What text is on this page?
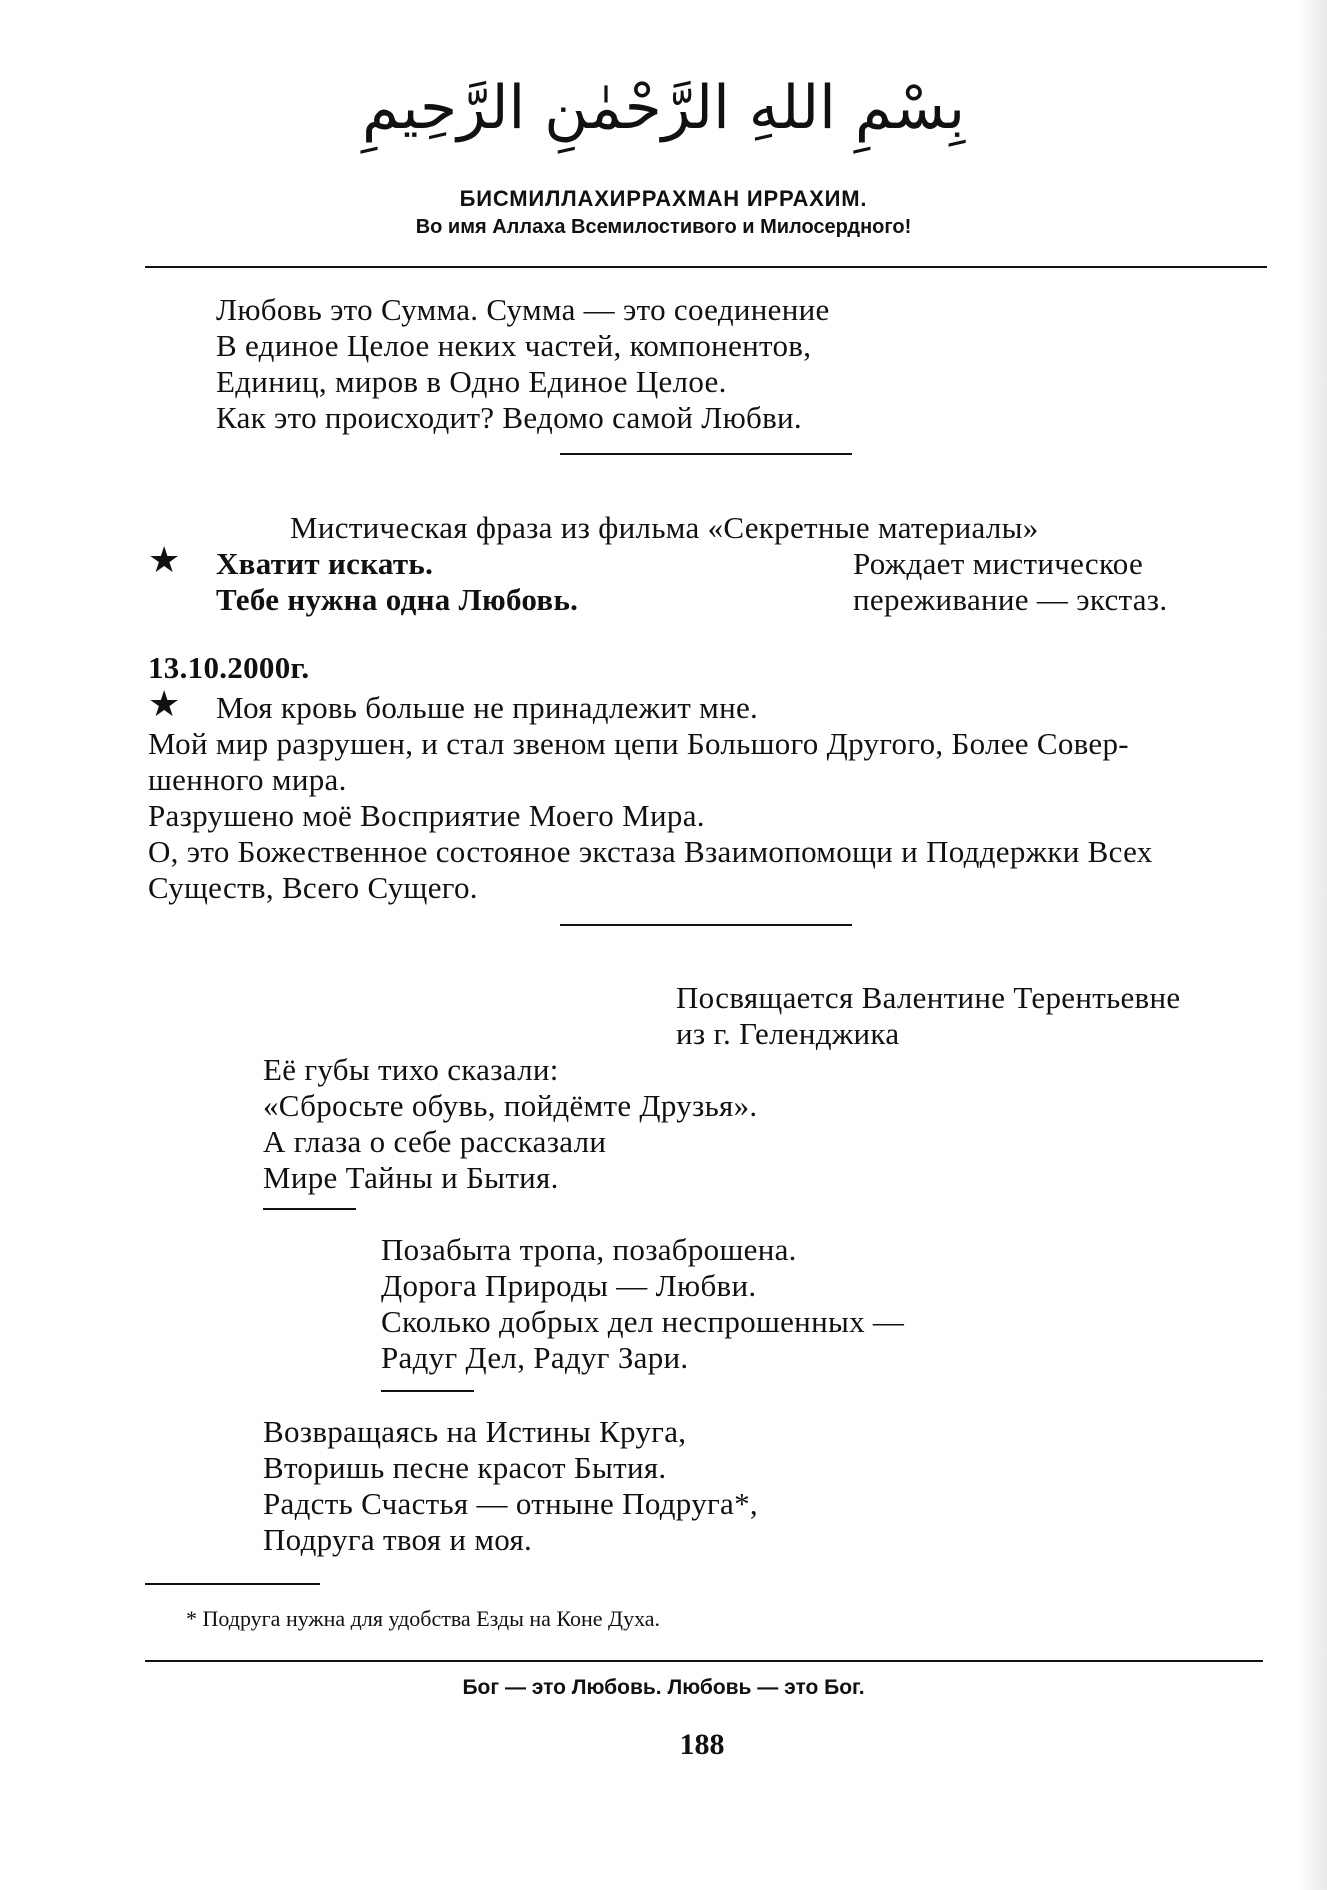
بِسْمِ اللهِ الرَّحْمٰنِ الرَّحِيمِ
БИСМИЛЛАХИРРАХМАН ИРРАХИМ.
Во имя Аллаха Всемилостивого и Милосердного!
Любовь это Сумма. Сумма — это соединение
В единое Целое неких частей, компонентов,
Единиц, миров в Одно Единое Целое.
Как это происходит? Ведомо самой Любви.
Мистическая фраза из фильма «Секретные материалы»
★ Хватит искать.
Тебе нужна одна Любовь.
Рождает мистическое
переживание — экстаз.
13.10.2000г.
★ Моя кровь больше не принадлежит мне.
Мой мир разрушен, и стал звеном цепи Большого Другого, Более Совер-
шенного мира.
Разрушено моё Восприятие Моего Мира.
О, это Божественное состояное экстаза Взаимопомощи и Поддержки Всех
Существ, Всего Сущего.
Посвящается Валентине Терентьевне
из г. Геленджика
Её губы тихо сказали:
«Сбросьте обувь, пойдёмте Друзья».
А глаза о себе рассказали
Мире Тайны и Бытия.
Позабыта тропа, позаброшена.
Дорога Природы — Любви.
Сколько добрых дел неспрошенных —
Радуг Дел, Радуг Зари.
Возвращаясь на Истины Круга,
Вторишь песне красот Бытия.
Радсть Счастья — отныне Подруга*,
Подруга твоя и моя.
* Подруга нужна для удобства Езды на Коне Духа.
Бог — это Любовь. Любовь — это Бог.
188
